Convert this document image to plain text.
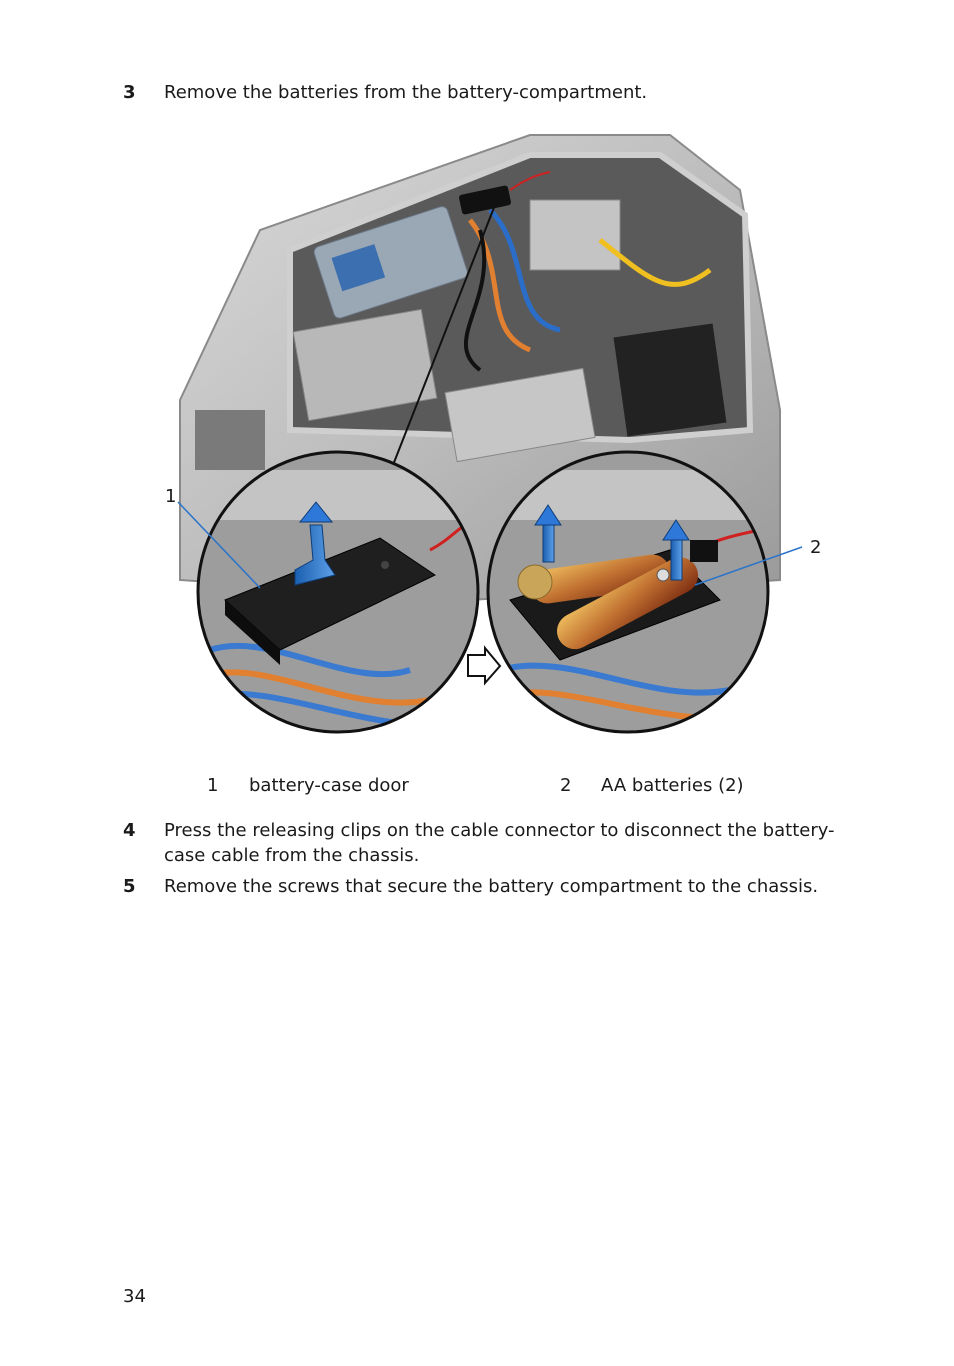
3 Remove the batteries from the battery-compartment.
1
2
1 battery-case door	2 AA batteries (2)
4 Press the releasing clips on the cable connector to disconnect the battery-case cable from the chassis.
5 Remove the screws that secure the battery compartment to the chassis.
34
